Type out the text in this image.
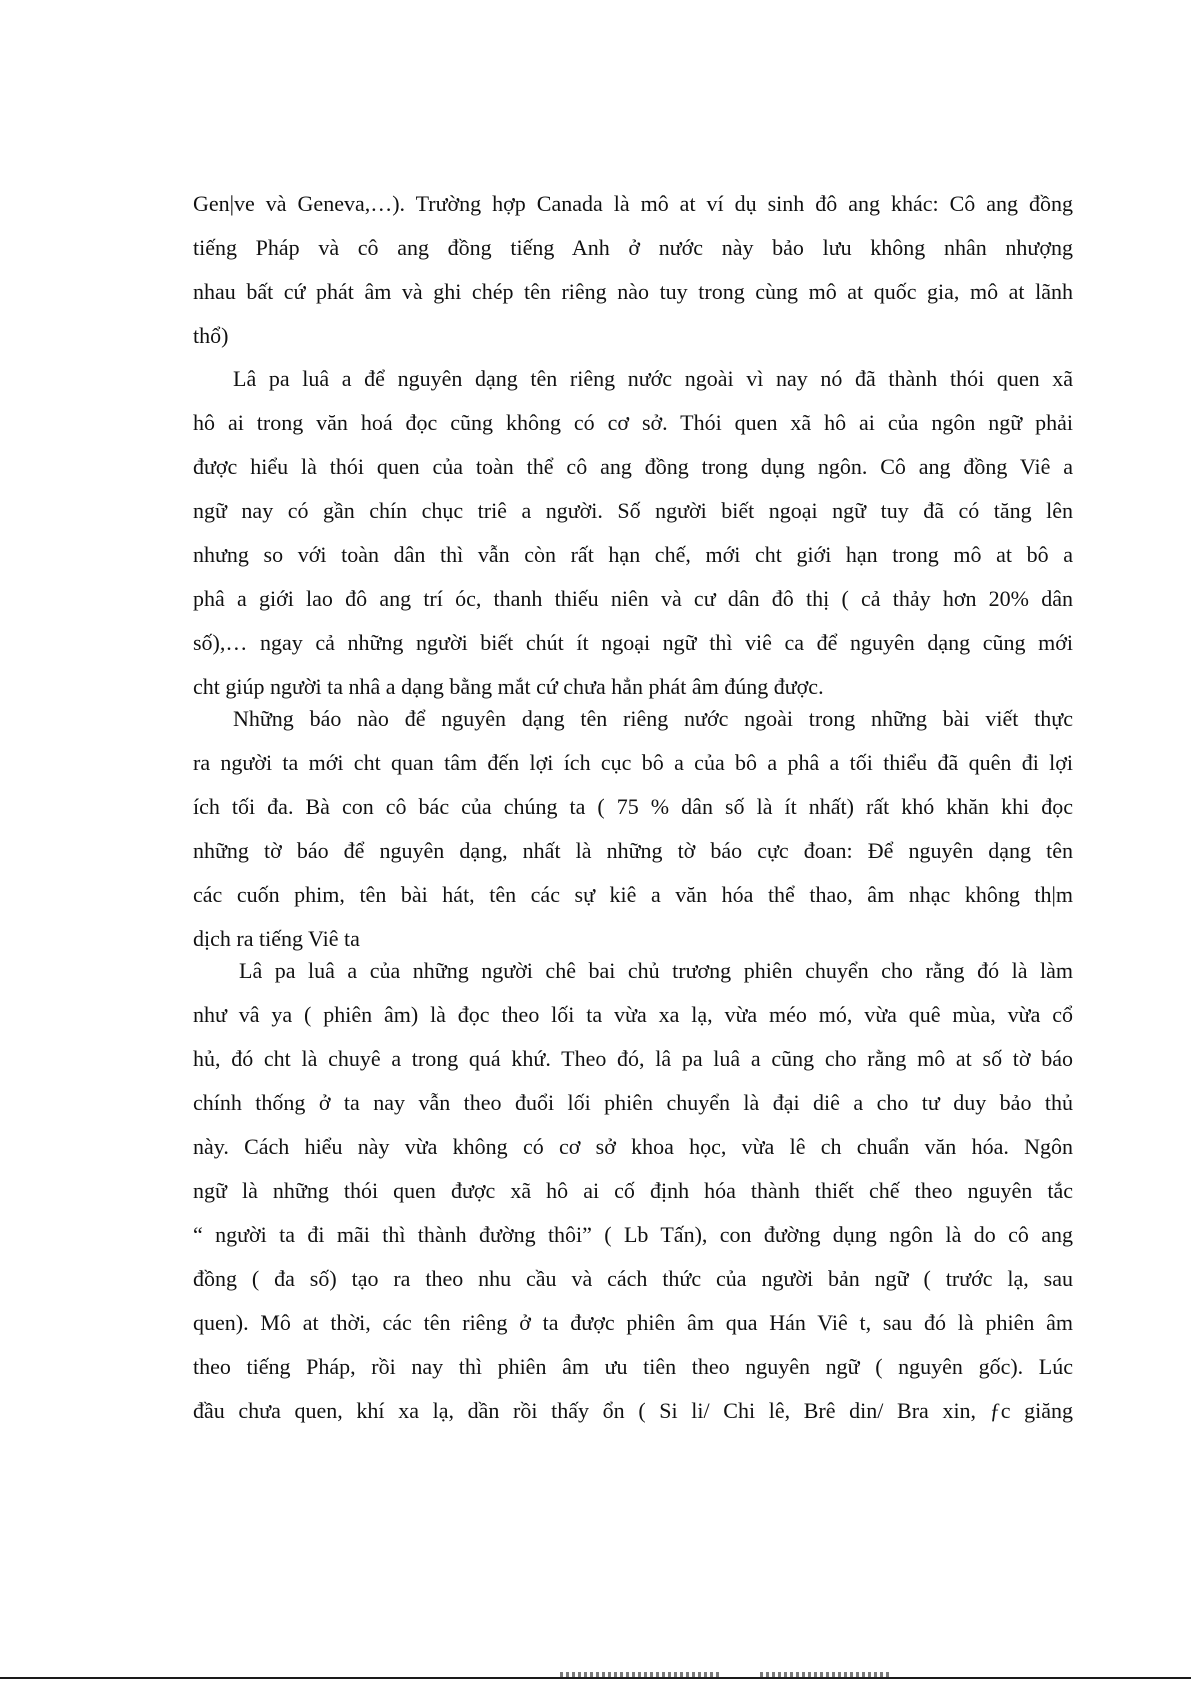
Gen|ve và Geneva,…). Trường hợp Canada là mô at ví dụ sinh đô ang khác: Cô ang đồng
tiếng Pháp và cô ang đồng tiếng Anh ở nước này bảo lưu không nhân nhượng
nhau bất cứ phát âm và ghi chép tên riêng nào tuy trong cùng mô at quốc gia, mô at lãnh
thổ)
Lâ pa luâ a để nguyên dạng tên riêng nước ngoài vì nay nó đã thành thói quen xã
hô ai trong văn hoá đọc cũng không có cơ sở. Thói quen xã hô ai của ngôn ngữ phải
được hiểu là thói quen của toàn thể cô ang đồng trong dụng ngôn. Cô ang đồng Viê a
ngữ nay có gần chín chục triê a người. Số người biết ngoại ngữ tuy đã có tăng lên
nhưng so với toàn dân thì vẫn còn rất hạn chế, mới cht giới hạn trong mô at bô a
phâ a giới lao đô ang trí óc, thanh thiếu niên và cư dân đô thị ( cả thảy hơn 20% dân
số),… ngay cả những người biết chút ít ngoại ngữ thì viê ca để nguyên dạng cũng mới
cht giúp người ta nhâ a dạng bằng mắt cứ chưa hẳn phát âm đúng được.
Những báo nào để nguyên dạng tên riêng nước ngoài trong những bài viết thực
ra người ta mới cht quan tâm đến lợi ích cục bô a của bô a phâ a tối thiểu đã quên đi lợi
ích tối đa. Bà con cô bác của chúng ta ( 75 % dân số là ít nhất) rất khó khăn khi đọc
những tờ báo để nguyên dạng, nhất là những tờ báo cực đoan: Để nguyên dạng tên
các cuốn phim, tên bài hát, tên các sự kiê a văn hóa thể thao, âm nhạc không th|m
dịch ra tiếng Viê ta
Lâ pa luâ a của những người chê bai chủ trương phiên chuyển cho rằng đó là làm
như vâ ya ( phiên âm) là đọc theo lối ta vừa xa lạ, vừa méo mó, vừa quê mùa, vừa cổ
hủ, đó cht là chuyê a trong quá khứ. Theo đó, lâ pa luâ a cũng cho rằng mô at số tờ báo
chính thống ở ta nay vẫn theo đuổi lối phiên chuyển là đại diê a cho tư duy bảo thủ
này. Cách hiểu này vừa không có cơ sở khoa học, vừa lê ch chuẩn văn hóa. Ngôn
ngữ là những thói quen được xã hô ai cố định hóa thành thiết chế theo nguyên tắc
“ người ta đi mãi thì thành đường thôi” ( Lb Tấn), con đường dụng ngôn là do cô ang
đồng ( đa số) tạo ra theo nhu cầu và cách thức của người bản ngữ ( trước lạ, sau
quen). Mô at thời, các tên riêng ở ta được phiên âm qua Hán Viê t, sau đó là phiên âm
theo tiếng Pháp, rồi nay thì phiên âm ưu tiên theo nguyên ngữ ( nguyên gốc). Lúc
đầu chưa quen, khí xa lạ, dần rồi thấy ổn ( Si li/ Chi lê, Brê din/ Bra xin, ƒc giăng
